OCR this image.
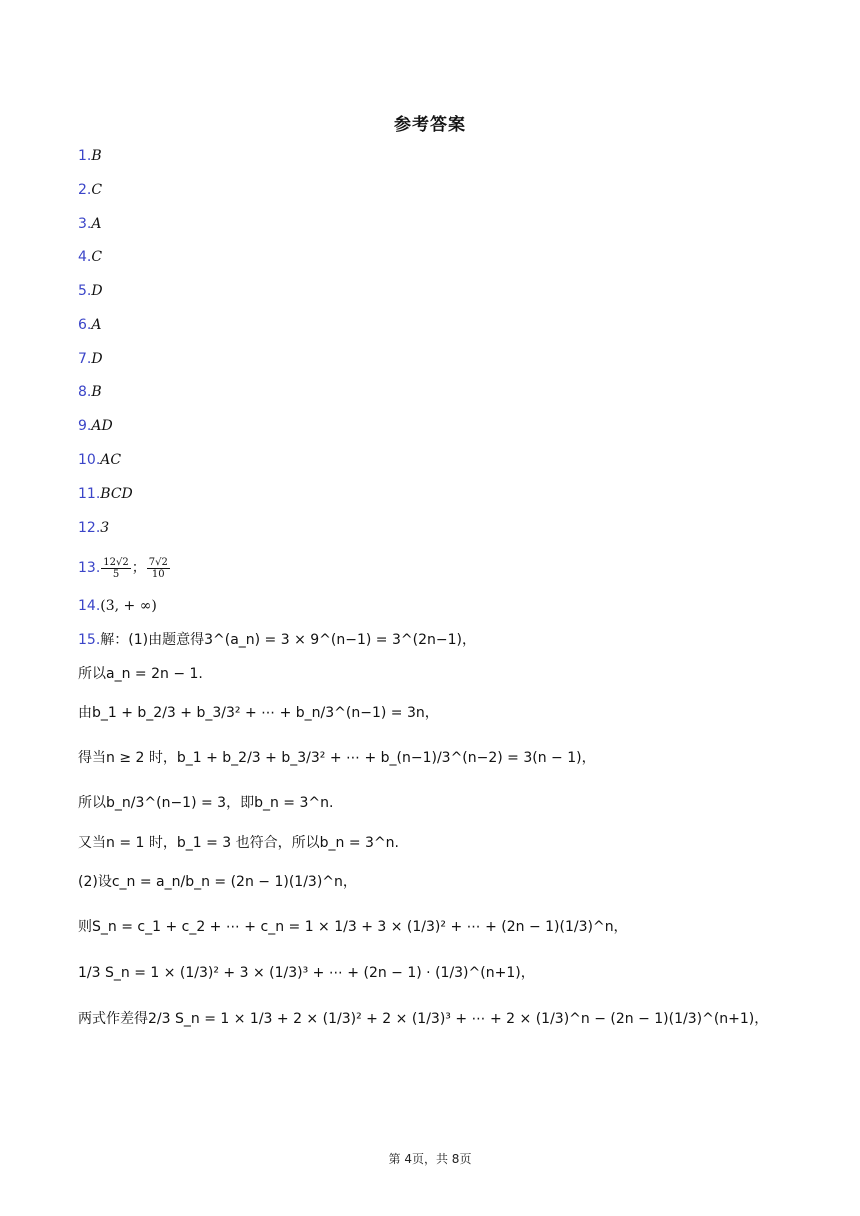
参考答案
1.B
2.C
3.A
4.C
5.D
6.A
7.D
8.B
9.AD
10.AC
11.BCD
12.3
13. $\frac{12√2}{5}$ ； $\frac{7√2}{10}$
14.(3, + ∞)
15.解：(1)由题意得3^(a_n) = 3 × 9^(n−1) = 3^(2n−1)，
所以a_n = 2n − 1.
由b_1 + b_2/3 + b_3/3² + ⋯ + b_n/3^(n−1) = 3n，
得当n ≥ 2 时，b_1 + b_2/3 + b_3/3² + ⋯ + b_(n−1)/3^(n−2) = 3(n − 1)，
所以b_n/3^(n−1) = 3，即b_n = 3^n.
又当n = 1 时，b_1 = 3 也符合，所以b_n = 3^n.
(2)设c_n = a_n/b_n = (2n − 1)(1/3)^n，
则S_n = c_1 + c_2 + ⋯ + c_n = 1 × 1/3 + 3 × (1/3)² + ⋯ + (2n − 1)(1/3)^n，
1/3 S_n = 1 × (1/3)² + 3 × (1/3)³ + ⋯ + (2n − 1) · (1/3)^(n+1)，
两式作差得2/3 S_n = 1 × 1/3 + 2 × (1/3)² + 2 × (1/3)³ + ⋯ + 2 × (1/3)^n − (2n − 1)(1/3)^(n+1)，
第 4页，共 8页
